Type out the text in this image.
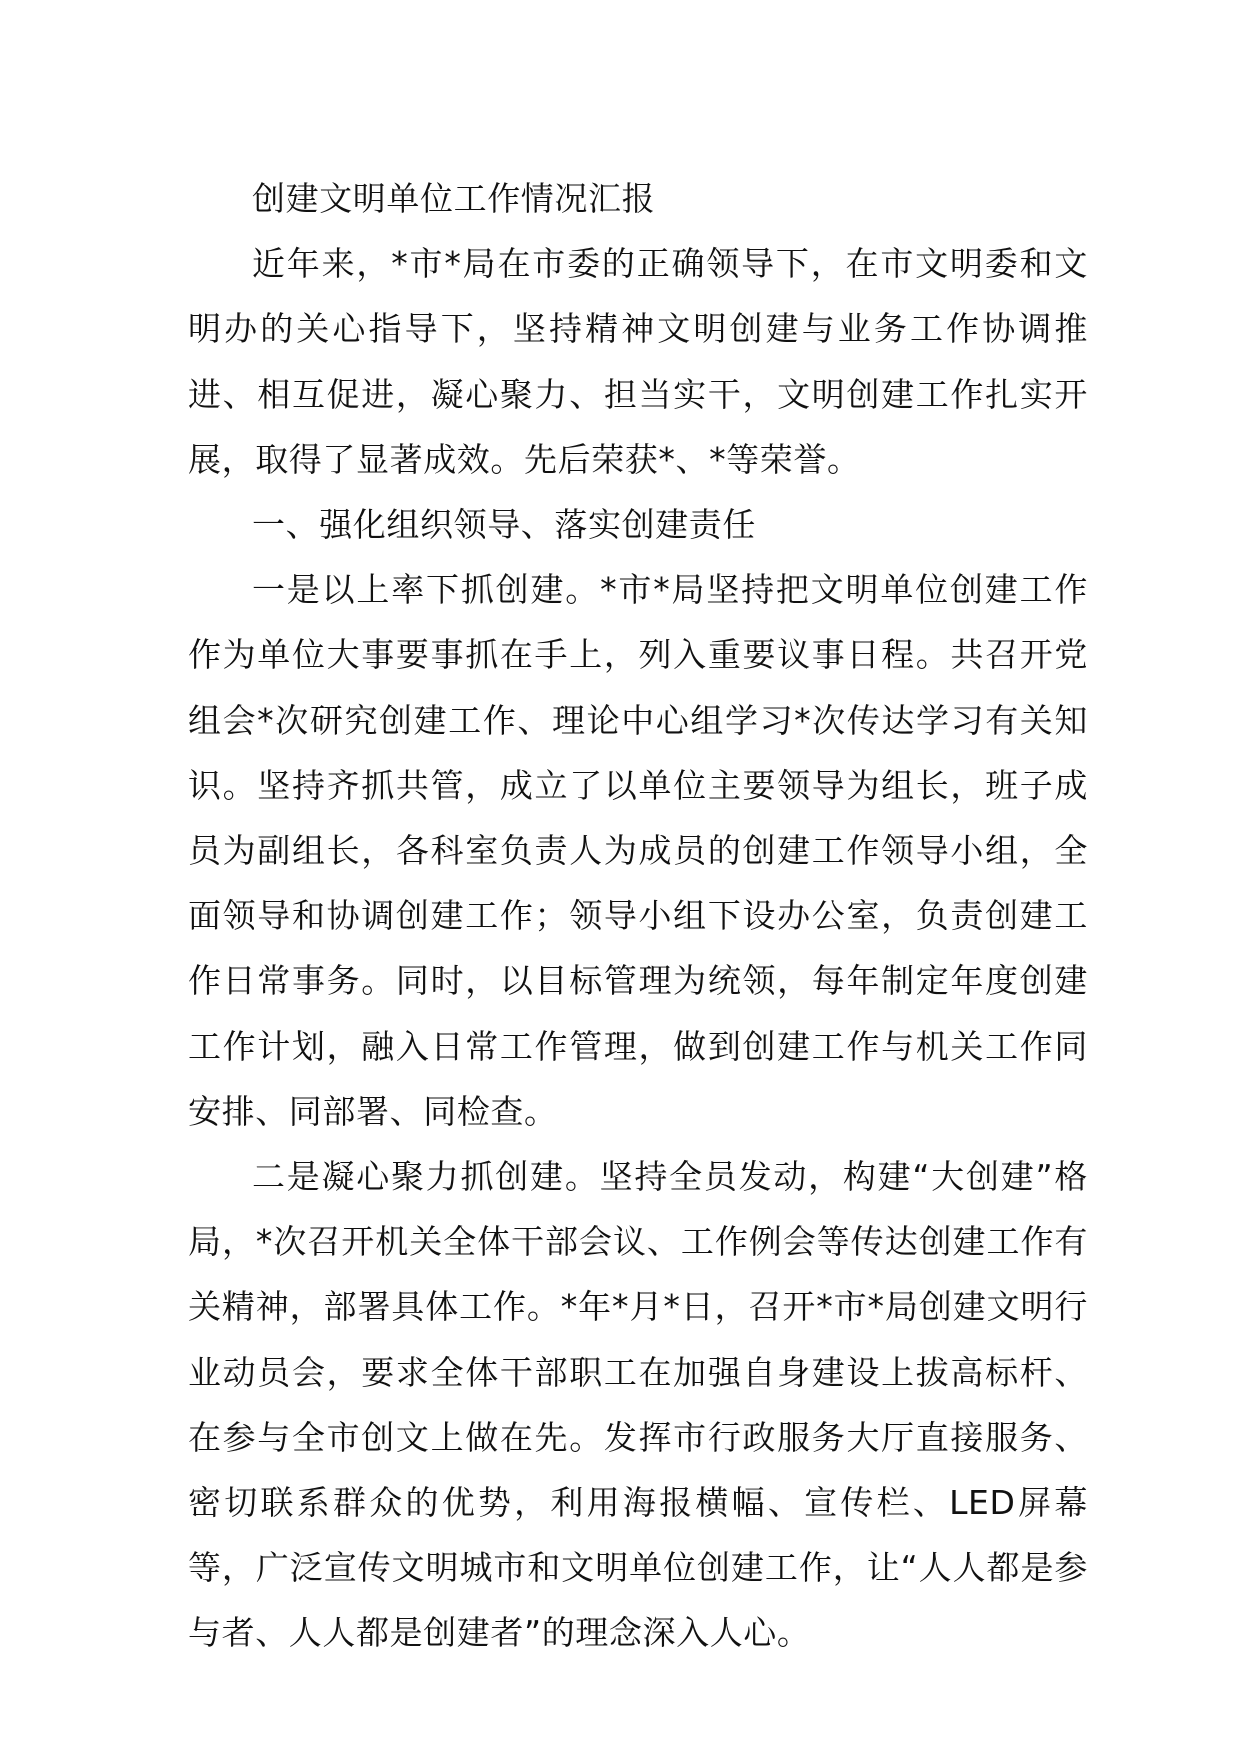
创建文明单位工作情况汇报

近年来，*市*局在市委的正确领导下，在市文明委和文明办的关心指导下，坚持精神文明创建与业务工作协调推进、相互促进，凝心聚力、担当实干，文明创建工作扎实开展，取得了显著成效。先后荣获*、*等荣誉。

一、强化组织领导、落实创建责任

一是以上率下抓创建。*市*局坚持把文明单位创建工作作为单位大事要事抓在手上，列入重要议事日程。共召开党组会*次研究创建工作、理论中心组学习*次传达学习有关知识。坚持齐抓共管，成立了以单位主要领导为组长，班子成员为副组长，各科室负责人为成员的创建工作领导小组，全面领导和协调创建工作；领导小组下设办公室，负责创建工作日常事务。同时，以目标管理为统领，每年制定年度创建工作计划，融入日常工作管理，做到创建工作与机关工作同安排、同部署、同检查。

二是凝心聚力抓创建。坚持全员发动，构建“大创建”格局，*次召开机关全体干部会议、工作例会等传达创建工作有关精神，部署具体工作。*年*月*日，召开*市*局创建文明行业动员会，要求全体干部职工在加强自身建设上拔高标杆、在参与全市创文上做在先。发挥市行政服务大厅直接服务、密切联系群众的优势，利用海报横幅、宣传栏、LED屏幕等，广泛宣传文明城市和文明单位创建工作，让“人人都是参与者、人人都是创建者”的理念深入人心。
